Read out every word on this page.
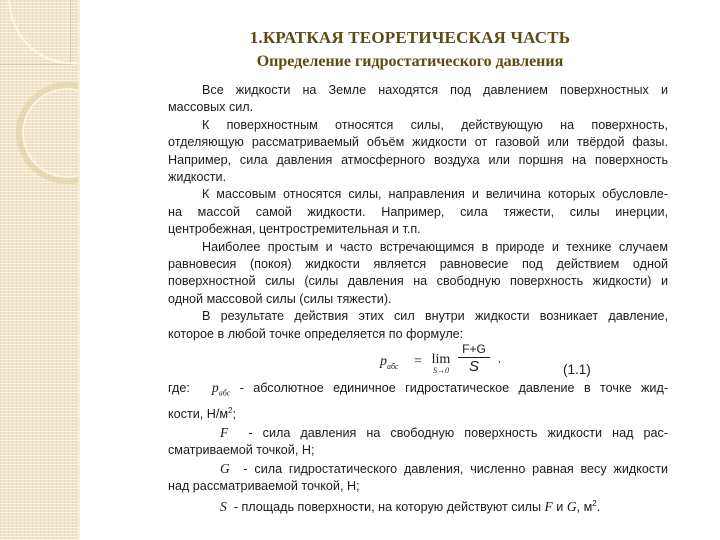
1.КРАТКАЯ ТЕОРЕТИЧЕСКАЯ ЧАСТЬ
Определение гидростатического давления
Все жидкости на Земле находятся под давлением поверхностных и
массовых сил.
К поверхностным относятся силы, действующую на поверхность,
отделяющую рассматриваемый объём жидкости от газовой или твёрдой фазы.
Например, сила давления атмосферного воздуха или поршня на поверхность
жидкости.
К массовым относятся силы, направления и величина которых обусловле-
на массой самой жидкости. Например, сила тяжести, силы инерции,
центробежная, центростремительная и т.п.
Наиболее простым и часто встречающимся в природе и технике случаем
равновесия (покоя) жидкости является равновесие под действием одной
поверхностной силы (силы давления на свободную поверхность жидкости) и
одной массовой силы (силы тяжести).
В результате действия этих сил внутри жидкости возникает давление,
которое в любой точке определяется по формуле:
$p_{абс} = \lim$
S→0
F+G
S	,
(1.1)
где: $p_{абс}$ - абсолютное единичное гидростатическое давление в точке жид-
кости, $Н/м^2$;
F - сила давления на свободную поверхность жидкости над рас-
сматриваемой точкой, Н;
G - сила гидростатического давления, численно равная весу жидкости
над рассматриваемой точкой, Н;
S - площадь поверхности, на которую действуют силы F и G, $м^2$.
